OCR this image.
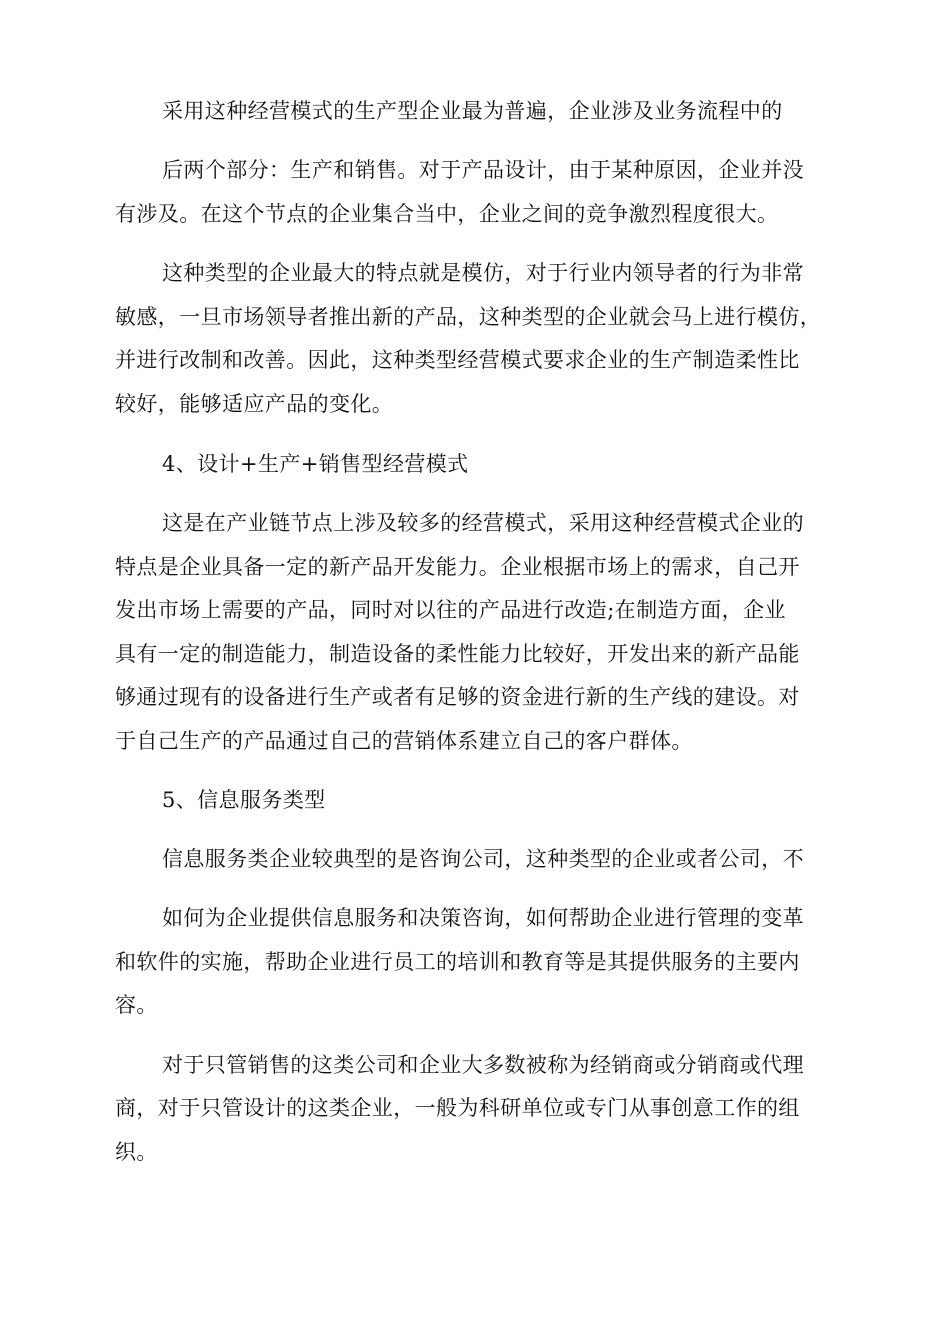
采用这种经营模式的生产型企业最为普遍，企业涉及业务流程中的
后两个部分：生产和销售。对于产品设计，由于某种原因，企业并没
有涉及。在这个节点的企业集合当中，企业之间的竞争激烈程度很大。
这种类型的企业最大的特点就是模仿，对于行业内领导者的行为非常
敏感，一旦市场领导者推出新的产品，这种类型的企业就会马上进行模仿，
并进行改制和改善。因此，这种类型经营模式要求企业的生产制造柔性比
较好，能够适应产品的变化。
4、设计+生产+销售型经营模式
这是在产业链节点上涉及较多的经营模式，采用这种经营模式企业的
特点是企业具备一定的新产品开发能力。企业根据市场上的需求，自己开
发出市场上需要的产品，同时对以往的产品进行改造;在制造方面，企业
具有一定的制造能力，制造设备的柔性能力比较好，开发出来的新产品能
够通过现有的设备进行生产或者有足够的资金进行新的生产线的建设。对
于自己生产的产品通过自己的营销体系建立自己的客户群体。
5、信息服务类型
信息服务类企业较典型的是咨询公司，这种类型的企业或者公司，不
如何为企业提供信息服务和决策咨询，如何帮助企业进行管理的变革
和软件的实施，帮助企业进行员工的培训和教育等是其提供服务的主要内
容。
对于只管销售的这类公司和企业大多数被称为经销商或分销商或代理
商，对于只管设计的这类企业，一般为科研单位或专门从事创意工作的组
织。
